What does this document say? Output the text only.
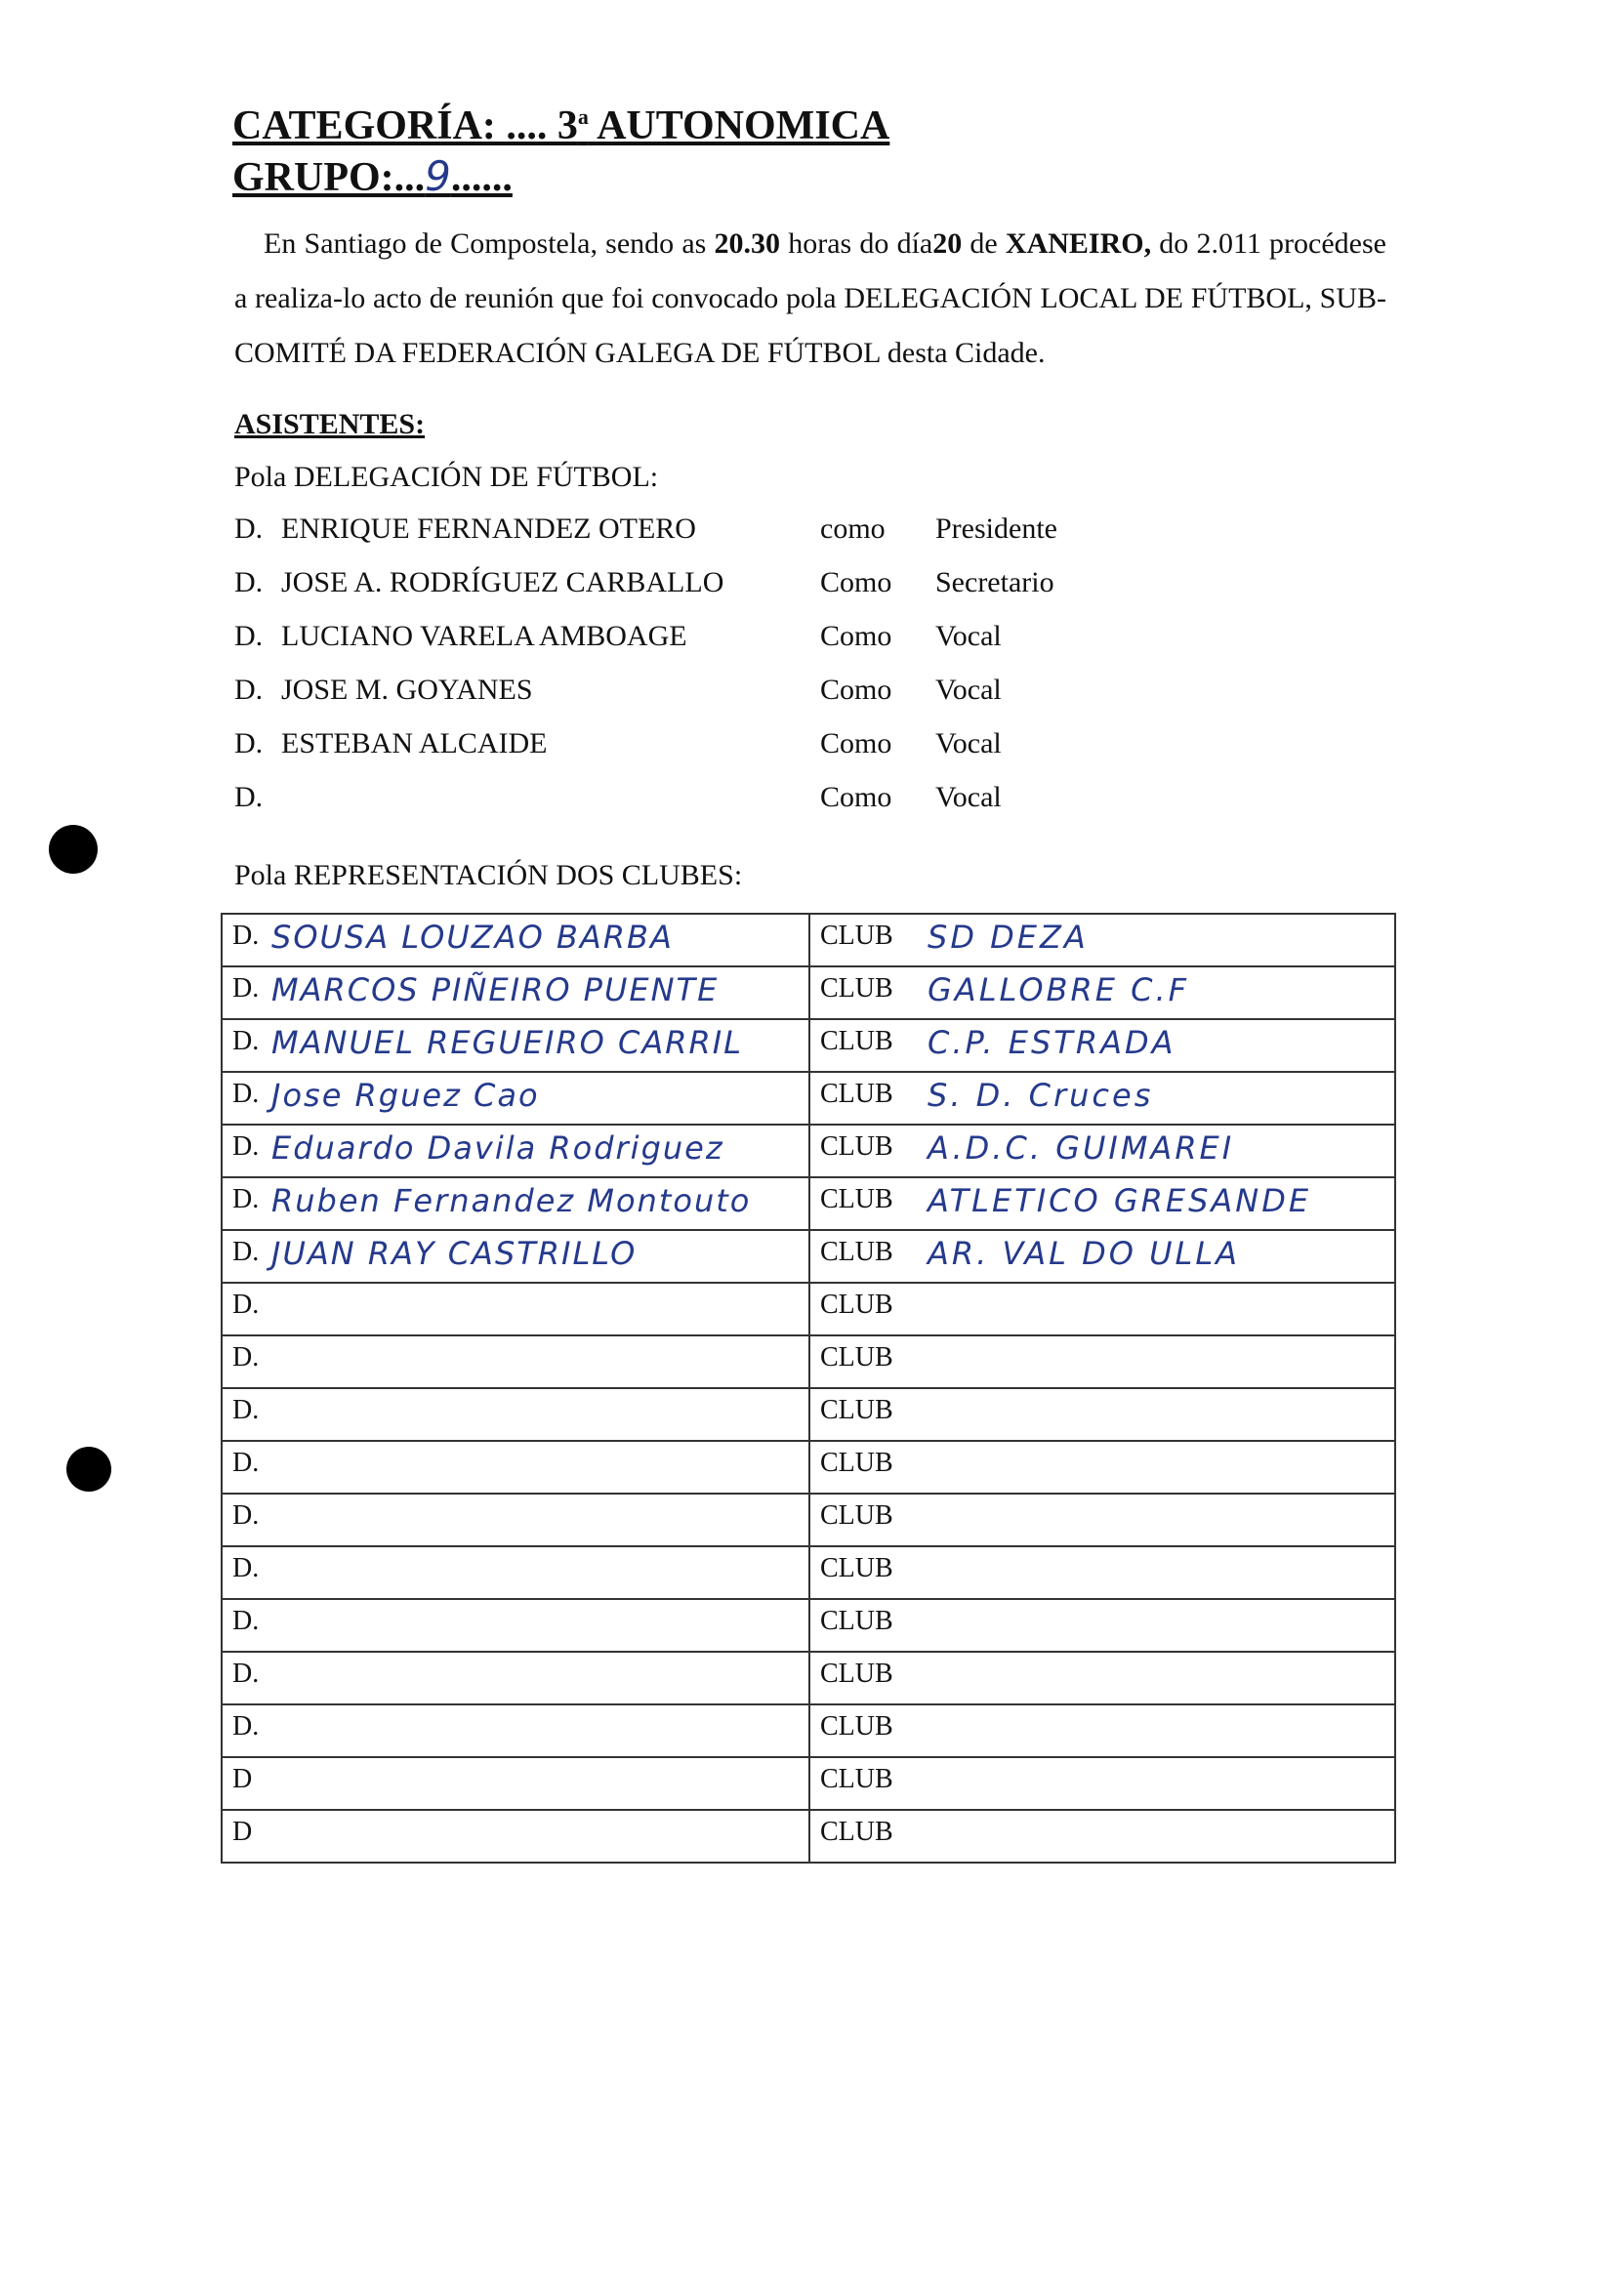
CATEGORÍA: .... 3$^a$ AUTONOMICA
GRUPO:...9......

En Santiago de Compostela, sendo as 20.30 horas do día20 de XANEIRO, do 2.011 procédese a realiza-lo acto de reunión que foi convocado pola DELEGACIÓN LOCAL DE FÚTBOL, SUB-COMITÉ DA FEDERACIÓN GALEGA DE FÚTBOL desta Cidade.

ASISTENTES:
Pola DELEGACIÓN DE FÚTBOL:
D. ENRIQUE FERNANDEZ OTERO	como Presidente
D. JOSE A. RODRÍGUEZ CARBALLO	Como Secretario
D. LUCIANO VARELA AMBOAGE	Como Vocal
D. JOSE M. GOYANES	Como Vocal
D. ESTEBAN ALCAIDE	Como Vocal
D.	Como Vocal
Pola REPRESENTACIÓN DOS CLUBES:
D. SOUSA LOUZAO BARBA	CLUB SD DEZA

D. MARCOS PIÑEIRO PUENTE	CLUB GALLOBRE C.F

D. MANUEL REGUEIRO CARRIL	CLUB C.P. ESTRADA

D. Jose Rguez Cao	CLUB S. D. Cruces

D. Eduardo Davila Rodriguez	CLUB A.D.C. GUIMAREI

D. Ruben Fernandez Montouto	CLUB ATLETICO GRESANDE

D. JUAN RAY CASTRILLO	CLUB AR. VAL DO ULLA

D.	CLUB

D.	CLUB

D.	CLUB

D.	CLUB

D.	CLUB

D.	CLUB

D.	CLUB

D.	CLUB

D.	CLUB

D	CLUB

D	CLUB
